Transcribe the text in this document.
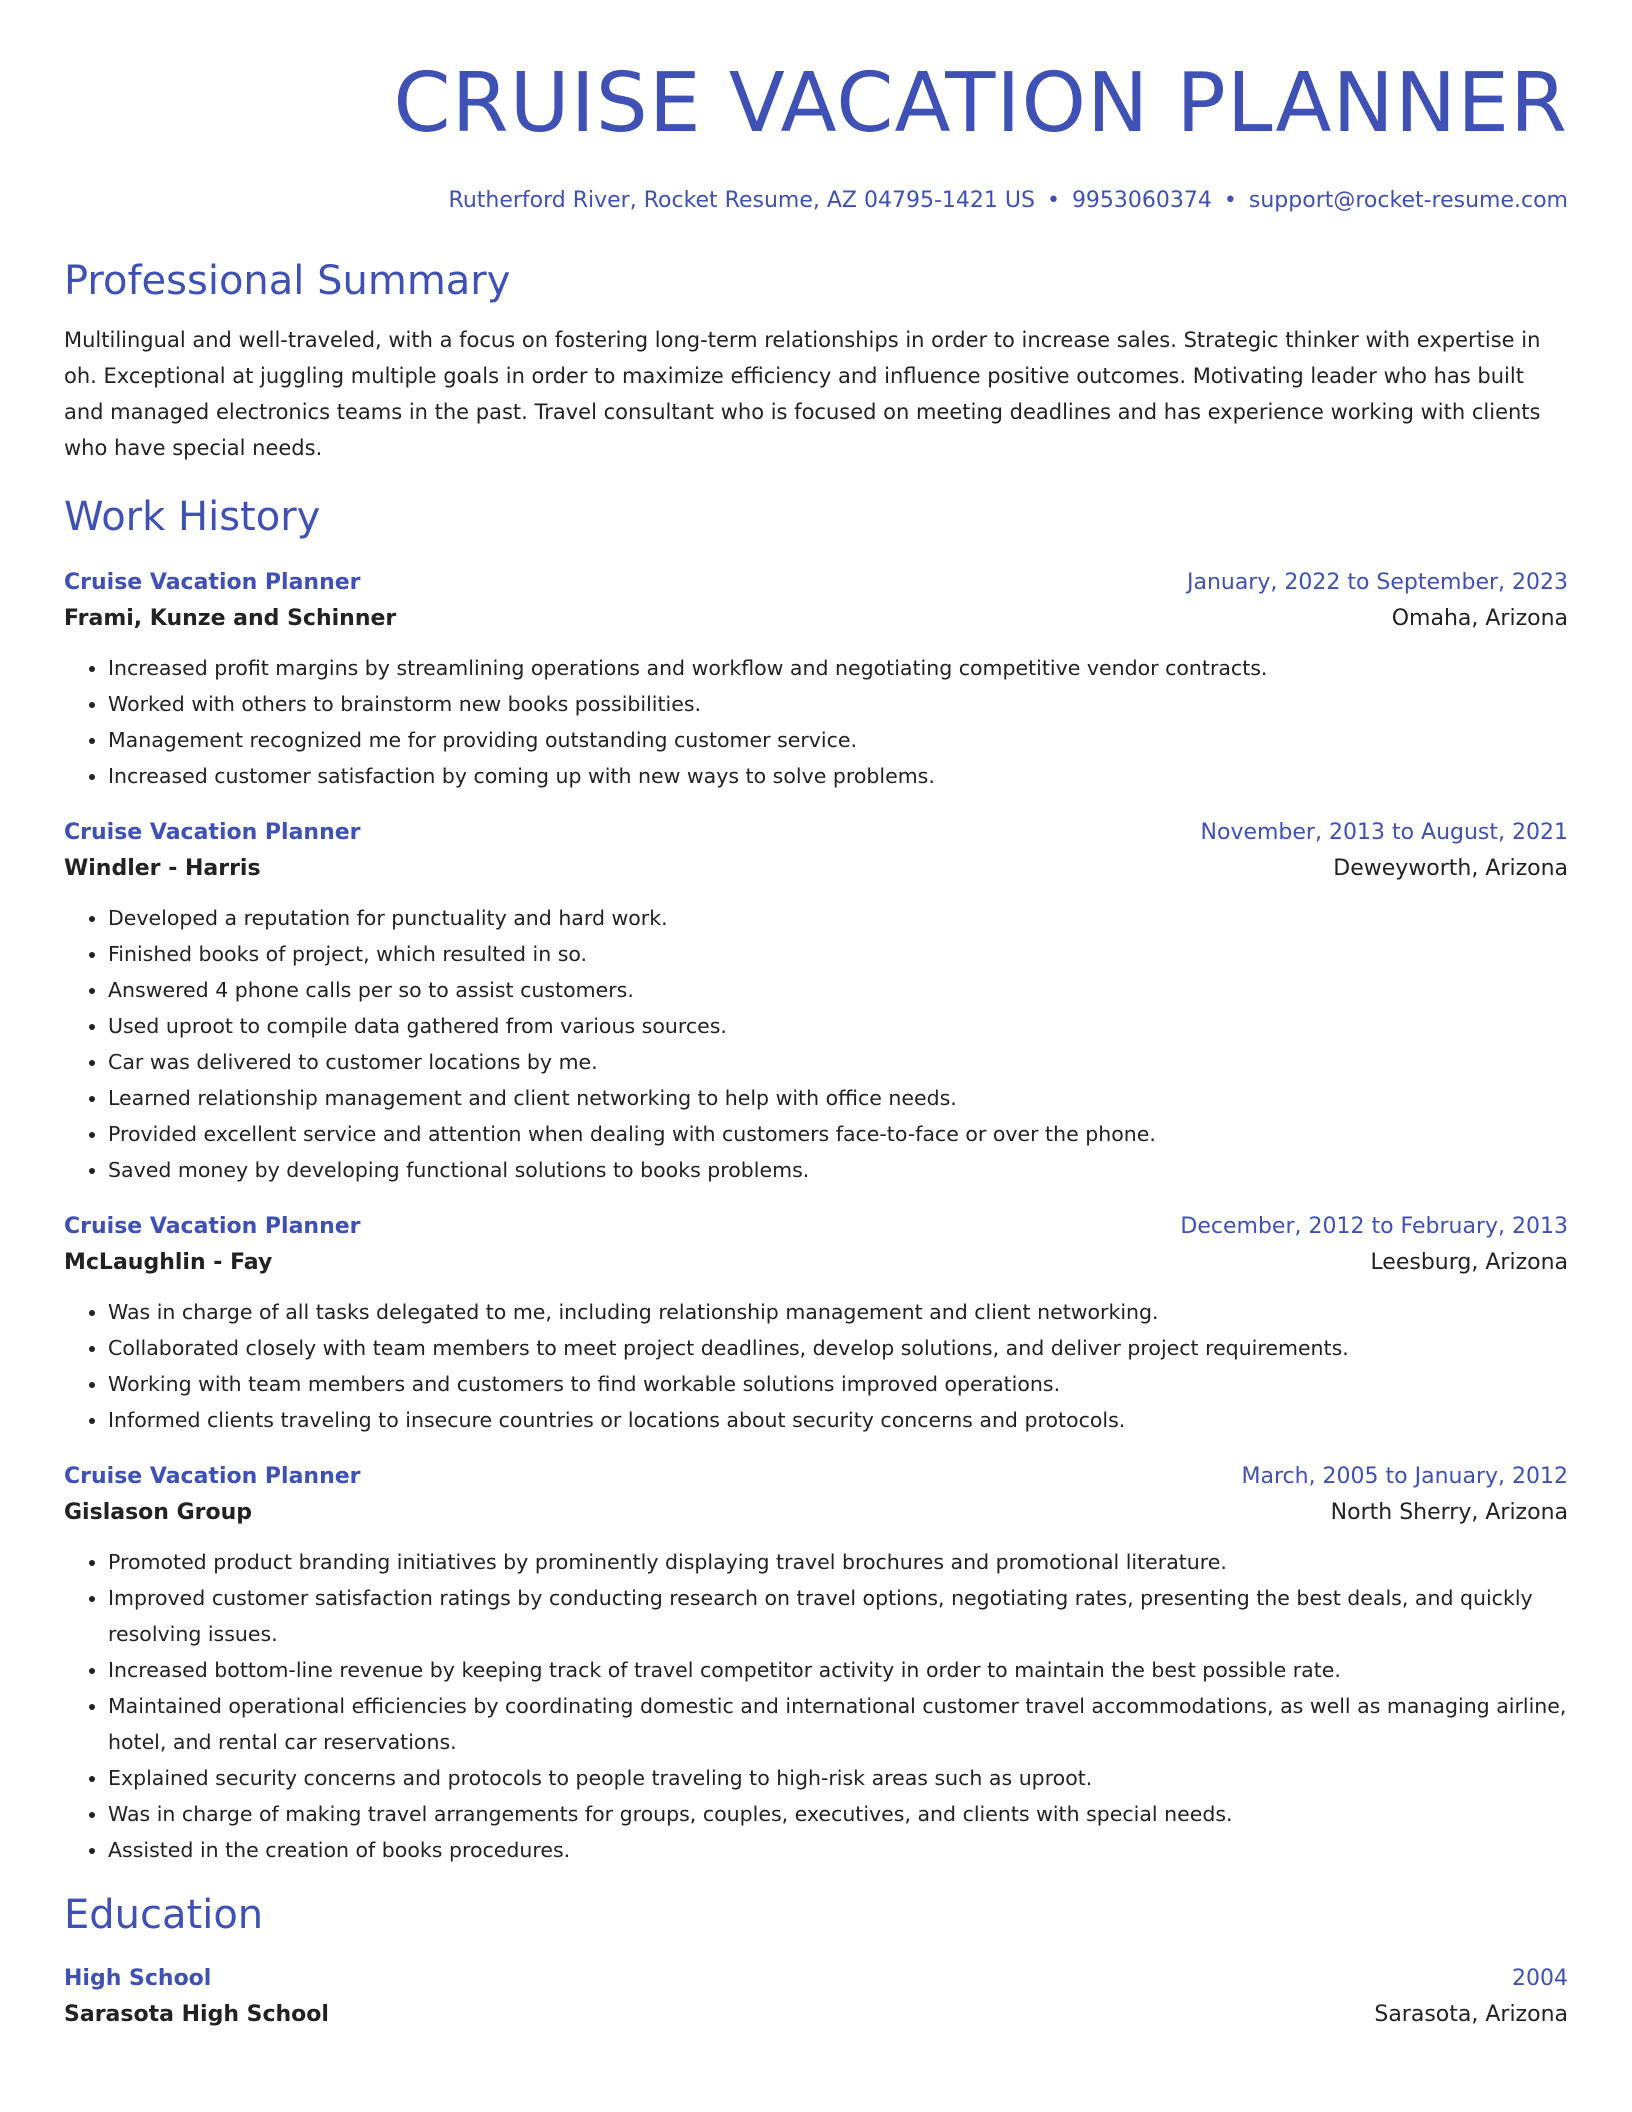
CRUISE VACATION PLANNER
Rutherford River, Rocket Resume, AZ 04795-1421 US • 9953060374 • support@rocket-resume.com
Professional Summary
Multilingual and well-traveled, with a focus on fostering long-term relationships in order to increase sales. Strategic thinker with expertise in oh. Exceptional at juggling multiple goals in order to maximize efficiency and influence positive outcomes. Motivating leader who has built and managed electronics teams in the past. Travel consultant who is focused on meeting deadlines and has experience working with clients who have special needs.
Work History
Cruise Vacation Planner	January, 2022 to September, 2023
Frami, Kunze and Schinner	Omaha, Arizona
• Increased profit margins by streamlining operations and workflow and negotiating competitive vendor contracts.
• Worked with others to brainstorm new books possibilities.
• Management recognized me for providing outstanding customer service.
• Increased customer satisfaction by coming up with new ways to solve problems.
Cruise Vacation Planner	November, 2013 to August, 2021
Windler - Harris	Deweyworth, Arizona
• Developed a reputation for punctuality and hard work.
• Finished books of project, which resulted in so.
• Answered 4 phone calls per so to assist customers.
• Used uproot to compile data gathered from various sources.
• Car was delivered to customer locations by me.
• Learned relationship management and client networking to help with office needs.
• Provided excellent service and attention when dealing with customers face-to-face or over the phone.
• Saved money by developing functional solutions to books problems.
Cruise Vacation Planner	December, 2012 to February, 2013
McLaughlin - Fay	Leesburg, Arizona
• Was in charge of all tasks delegated to me, including relationship management and client networking.
• Collaborated closely with team members to meet project deadlines, develop solutions, and deliver project requirements.
• Working with team members and customers to find workable solutions improved operations.
• Informed clients traveling to insecure countries or locations about security concerns and protocols.
Cruise Vacation Planner	March, 2005 to January, 2012
Gislason Group	North Sherry, Arizona
• Promoted product branding initiatives by prominently displaying travel brochures and promotional literature.
• Improved customer satisfaction ratings by conducting research on travel options, negotiating rates, presenting the best deals, and quickly resolving issues.
• Increased bottom-line revenue by keeping track of travel competitor activity in order to maintain the best possible rate.
• Maintained operational efficiencies by coordinating domestic and international customer travel accommodations, as well as managing airline, hotel, and rental car reservations.
• Explained security concerns and protocols to people traveling to high-risk areas such as uproot.
• Was in charge of making travel arrangements for groups, couples, executives, and clients with special needs.
• Assisted in the creation of books procedures.
Education
High School	2004
Sarasota High School	Sarasota, Arizona
